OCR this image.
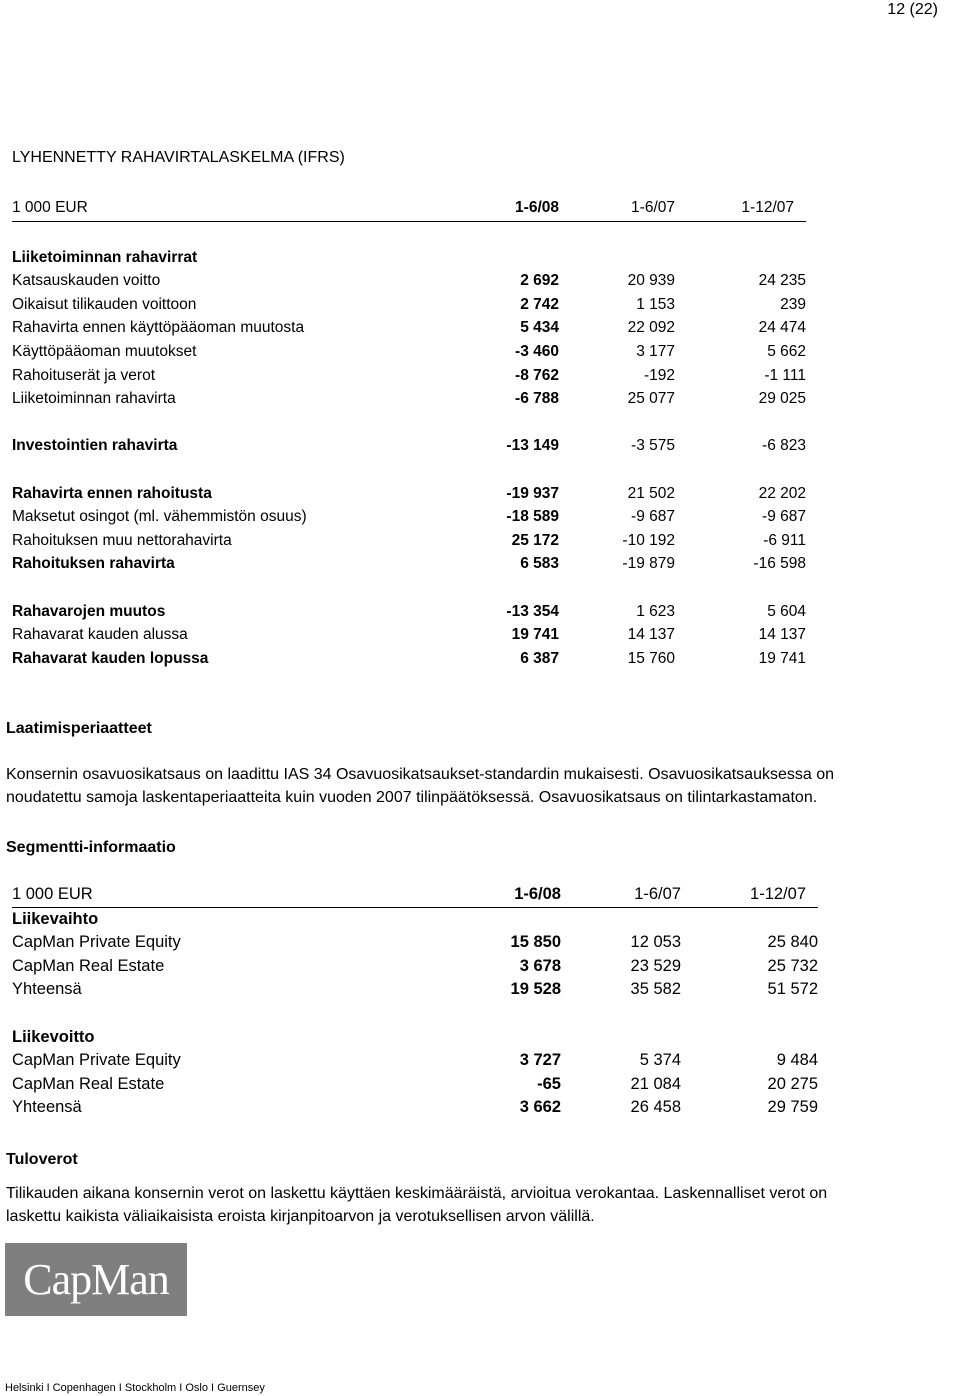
12 (22)
LYHENNETTY RAHAVIRTALASKELMA (IFRS)
1 000 EUR	1-6/08	1-6/07	1-12/07

Liiketoiminnan rahavirrat			
Katsauskauden voitto	2 692	20 939	24 235
Oikaisut tilikauden voittoon	2 742	1 153	239
Rahavirta ennen käyttöpääoman muutosta	5 434	22 092	24 474
Käyttöpääoman muutokset	-3 460	3 177	5 662
Rahoituserät ja verot	-8 762	-192	-1 111
Liiketoiminnan rahavirta	-6 788	25 077	29 025

Investointien rahavirta	-13 149	-3 575	-6 823

Rahavirta ennen rahoitusta	-19 937	21 502	22 202
Maksetut osingot (ml. vähemmistön osuus)	-18 589	-9 687	-9 687
Rahoituksen muu nettorahavirta	25 172	-10 192	-6 911
Rahoituksen rahavirta	6 583	-19 879	-16 598

Rahavarojen muutos	-13 354	1 623	5 604
Rahavarat kauden alussa	19 741	14 137	14 137
Rahavarat kauden lopussa	6 387	15 760	19 741
Laatimisperiaatteet
Konsernin osavuosikatsaus on laadittu IAS 34 Osavuosikatsaukset-standardin mukaisesti. Osavuosikatsauksessa on
noudatettu samoja laskentaperiaatteita kuin vuoden 2007 tilinpäätöksessä. Osavuosikatsaus on tilintarkastamaton.
Segmentti-informaatio
1 000 EUR	1-6/08	1-6/07	1-12/07
Liikevaihto			
CapMan Private Equity	15 850	12 053	25 840
CapMan Real Estate	3 678	23 529	25 732
Yhteensä	19 528	35 582	51 572

Liikevoitto			
CapMan Private Equity	3 727	5 374	9 484
CapMan Real Estate	-65	21 084	20 275
Yhteensä	3 662	26 458	29 759
Tuloverot
Tilikauden aikana konsernin verot on laskettu käyttäen keskimääräistä, arvioitua verokantaa. Laskennalliset verot on
laskettu kaikista väliaikaisista eroista kirjanpitoarvon ja verotuksellisen arvon välillä.
CapMan
Helsinki I Copenhagen I Stockholm I Oslo I Guernsey
